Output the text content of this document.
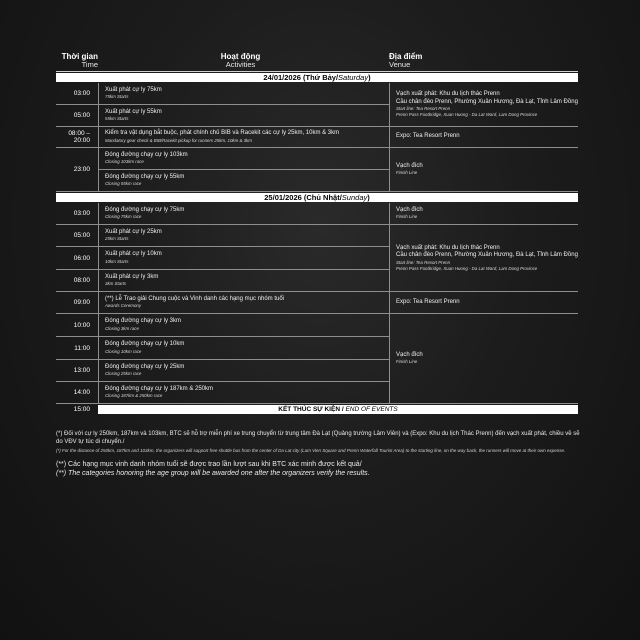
Thời gian
Time
Hoạt động
Activities
Địa điểm
Venue
24/01/2026 (Thứ Bảy/Saturday)
03:00
Xuất phát cự ly 75km
75km Starts
05:00
Xuất phát cự ly 55km
55km Starts
Vạch xuất phát: Khu du lịch thác Prenn
Cầu chân đèo Prenn, Phường Xuân Hương, Đà Lạt, Tỉnh Lâm Đồng
Start line: Tea Resort Prenn
Prenn Pass Footbridge, Xuan Huong - Da Lat Ward, Lam Dong Province
08:00 – 20:00
Kiểm tra vật dụng bắt buộc, phát chính chủ BIB và Racekit các cự ly 25km, 10km & 3km
Mandatory gear check & BIB/Racekit pickup for runners 25km, 10km & 3km
Expo: Tea Resort Prenn
23:00
Đóng đường chạy cự ly 103km
Closing 103km race
Đóng đường chạy cự ly 55km
Closing 55km race
Vạch đích
Finish Line
25/01/2026 (Chủ Nhật/Sunday)
03:00
Đóng đường chạy cự ly 75km
Closing 75km race
Vạch đích
Finish Line
05:00
Xuất phát cự ly 25km
25km Starts
06:00
Xuất phát cự ly 10km
10km Starts
08:00
Xuất phát cự ly 3km
3km Starts
Vạch xuất phát: Khu du lịch thác Prenn
Cầu chân đèo Prenn, Phường Xuân Hương, Đà Lạt, Tỉnh Lâm Đồng
Start line: Tea Resort Prenn
Prenn Pass Footbridge, Xuan Huong - Da Lat Ward, Lam Dong Province
09:00
(**) Lễ Trao giải Chung cuộc và Vinh danh các hạng mục nhóm tuổi
Awards Ceremony
Expo: Tea Resort Prenn
10:00
Đóng đường chạy cự ly 3km
Closing 3km race
11:00
Đóng đường chạy cự ly 10km
Closing 10km race
13:00
Đóng đường chạy cự ly 25km
Closing 25km race
14:00
Đóng đường chạy cự ly 187km & 250km
Closing 187km & 250km race
Vạch đích
Finish Line
15:00	KẾT THÚC SỰ KIỆN / END OF EVENTS
(*) Đối với cự ly 250km, 187km và 103km, BTC sẽ hỗ trợ miễn phí xe trung chuyển từ trung tâm Đà Lạt (Quảng trường Lâm Viên) và (Expo: Khu du lịch Thác Prenn) đến vạch xuất phát, chiều về sẽ do VĐV tự túc di chuyển./
(*) For the distance of 250km, 187km and 103km, the organizers will support free shuttle bus from the center of Da Lat city (Lam Vien Square and Prenn Waterfall Tourist Area) to the starting line, on the way back, the runners will move at their own expense.
(**) Các hạng mục vinh danh nhóm tuổi sẽ được trao lần lượt sau khi BTC xác minh được kết quả/
(**) The categories honoring the age group will be awarded one after the organizers verify the results.
